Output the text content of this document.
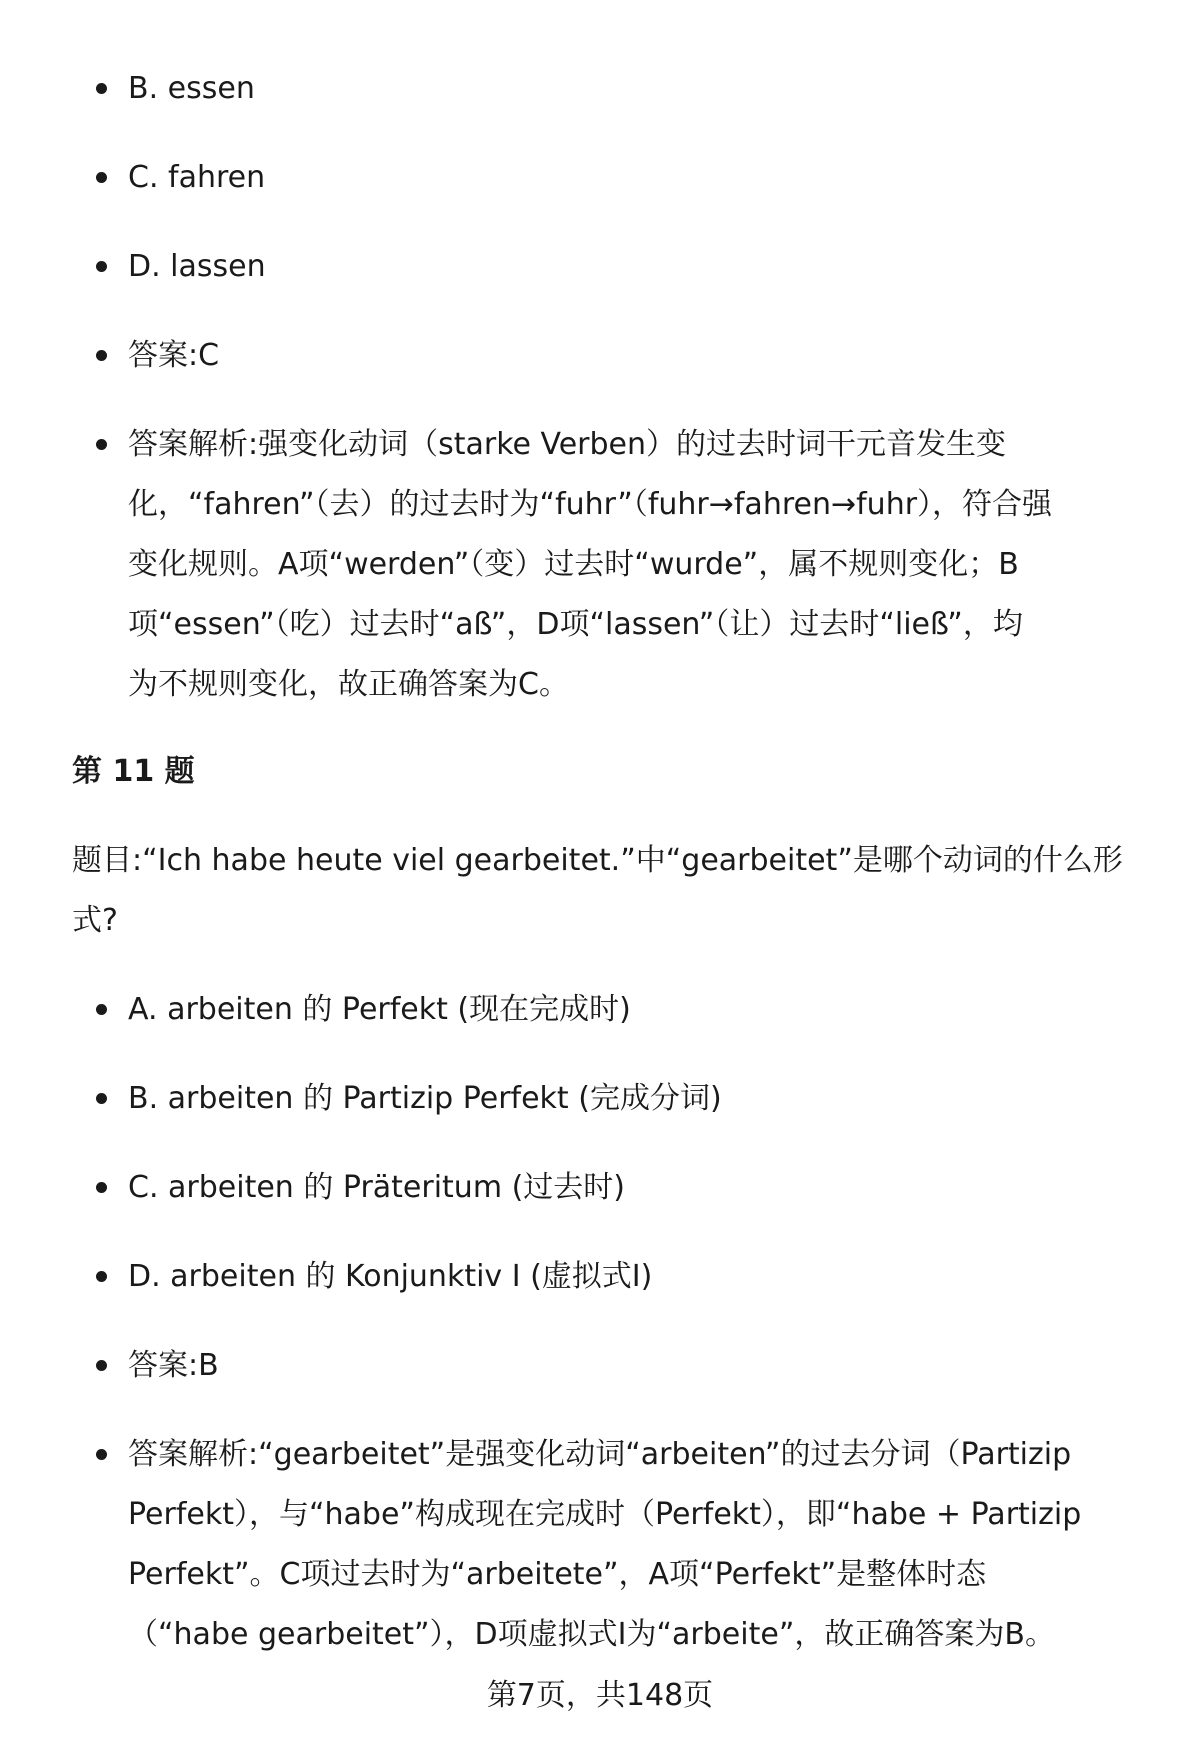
B. essen
C. fahren
D. lassen
答案:C
答案解析:强变化动词（starke Verben）的过去时词干元音发生变
化，“fahren”（去）的过去时为“fuhr”（fuhr→fahren→fuhr），符合强
变化规则。A项“werden”（变）过去时“wurde”，属不规则变化；B
项“essen”（吃）过去时“aß”，D项“lassen”（让）过去时“ließ”，均
为不规则变化，故正确答案为C。
第 11 题
题目:“Ich habe heute viel gearbeitet.”中“gearbeitet”是哪个动词的什么形
式?
A. arbeiten 的 Perfekt (现在完成时)
B. arbeiten 的 Partizip Perfekt (完成分词)
C. arbeiten 的 Präteritum (过去时)
D. arbeiten 的 Konjunktiv I (虚拟式I)
答案:B
答案解析:“gearbeitet”是强变化动词“arbeiten”的过去分词（Partizip
Perfekt），与“habe”构成现在完成时（Perfekt），即“habe + Partizip
Perfekt”。C项过去时为“arbeitete”，A项“Perfekt”是整体时态
（“habe gearbeitet”），D项虚拟式I为“arbeite”，故正确答案为B。
第7页，共148页
